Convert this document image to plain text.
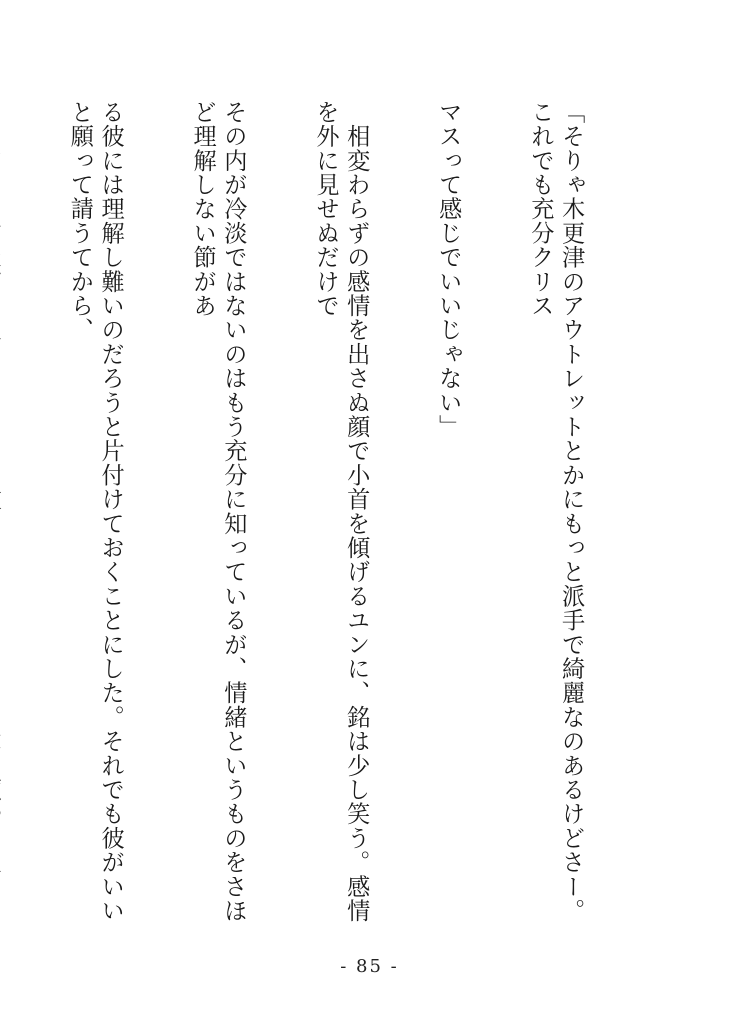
「そりゃ木更津のアウトレットとかにもっと派手で綺麗なのあるけどさー。これでも充分クリス

マスって感じでいいじゃない」

　相変わらずの感情を出さぬ顔で小首を傾げるユンに、銘は少し笑う。感情を外に見せぬだけで

その内が冷淡ではないのはもう充分に知っているが、情緒というものをさほど理解しない節があ

る彼には理解し難いのだろうと片付けておくことにした。それでも彼がいいと願って請うてから、

- 85 -
